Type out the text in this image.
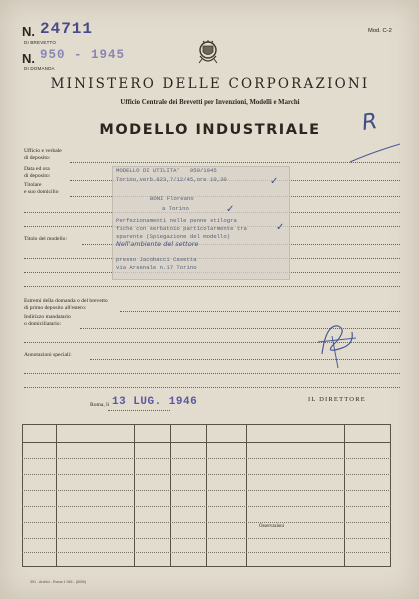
N. 24711
DI BREVETTO
N. 950 - 1945
DI DOMANDA
Mod. C-2
MINISTERO DELLE CORPORAZIONI
Ufficio Centrale dei Brevetti per Invenzioni, Modelli e Marchi
MODELLO INDUSTRIALE	R
Ufficio e verbale
di deposito:
Data ed ora
di deposito:
Titolare
e suo domicilio
Titolo del modello:
Estremi della domanda o del brevetto
di primo deposito all'estero:
Indirizzo mandatario
o domiciliatario:
Annotazioni speciali:
MODELLO DI UTILITA'   950/1945
Torino,verb.823,7/12/45,ore 10,30
BONI Floreano
a Torino
Perfezionamenti nelle penne stilogra
fiche con serbatoio particolarmente tra
sparente (Spiegazione del modello)
presso Jacobacci Casetta
via Arsenale n.17 Torino
Nell'ambiente del settore
✓
✓
✓
Roma, li 13 LUG. 1946	IL DIRETTORE
Osservazioni
391 - Archivi - Roma 1 946 - (8000)
